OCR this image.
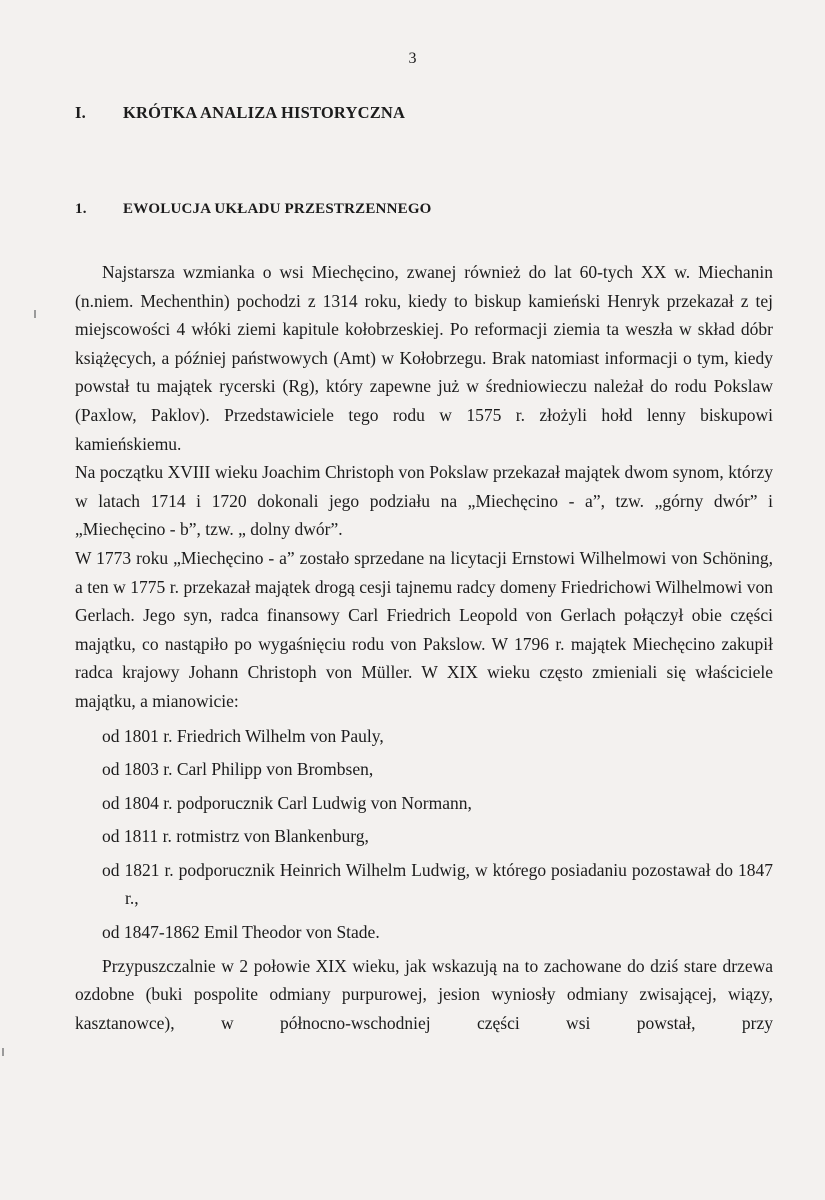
3
I. KRÓTKA ANALIZA HISTORYCZNA
1. EWOLUCJA UKŁADU PRZESTRZENNEGO

Najstarsza wzmianka o wsi Miechęcino, zwanej również do lat 60-tych XX w. Miechanin (n.niem. Mechenthin) pochodzi z 1314 roku, kiedy to biskup kamieński Henryk przekazał z tej miejscowości 4 włóki ziemi kapitule kołobrzeskiej. Po reformacji ziemia ta weszła w skład dóbr książęcych, a później państwowych (Amt) w Kołobrzegu. Brak natomiast informacji o tym, kiedy powstał tu majątek rycerski (Rg), który zapewne już w średniowieczu należał do rodu Pokslaw (Paxlow, Paklov). Przedstawiciele tego rodu w 1575 r. złożyli hołd lenny biskupowi kamieńskiemu.

Na początku XVIII wieku Joachim Christoph von Pokslaw przekazał majątek dwom synom, którzy w latach 1714 i 1720 dokonali jego podziału na „Miechęcino - a”, tzw. „górny dwór” i „Miechęcino - b”, tzw. „ dolny dwór”.

W 1773 roku „Miechęcino - a” zostało sprzedane na licytacji Ernstowi Wilhelmowi von Schöning, a ten w 1775 r. przekazał majątek drogą cesji tajnemu radcy domeny Friedrichowi Wilhelmowi von Gerlach. Jego syn, radca finansowy Carl Friedrich Leopold von Gerlach połączył obie części majątku, co nastąpiło po wygaśnięciu rodu von Pakslow. W 1796 r. majątek Miechęcino zakupił radca krajowy Johann Christoph von Müller. W XIX wieku często zmieniali się właściciele majątku, a mianowicie:

od 1801 r. Friedrich Wilhelm von Pauly,
od 1803 r. Carl Philipp von Brombsen,
od 1804 r. podporucznik Carl Ludwig von Normann,
od 1811 r. rotmistrz von Blankenburg,
od 1821 r. podporucznik Heinrich Wilhelm Ludwig, w którego posiadaniu pozostawał do 1847 r.,
od 1847-1862 Emil Theodor von Stade.

Przypuszczalnie w 2 połowie XIX wieku, jak wskazują na to zachowane do dziś stare drzewa ozdobne (buki pospolite odmiany purpurowej, jesion wyniosły odmiany zwisającej, wiązy, kasztanowce), w północno-wschodniej części wsi powstał, przy
